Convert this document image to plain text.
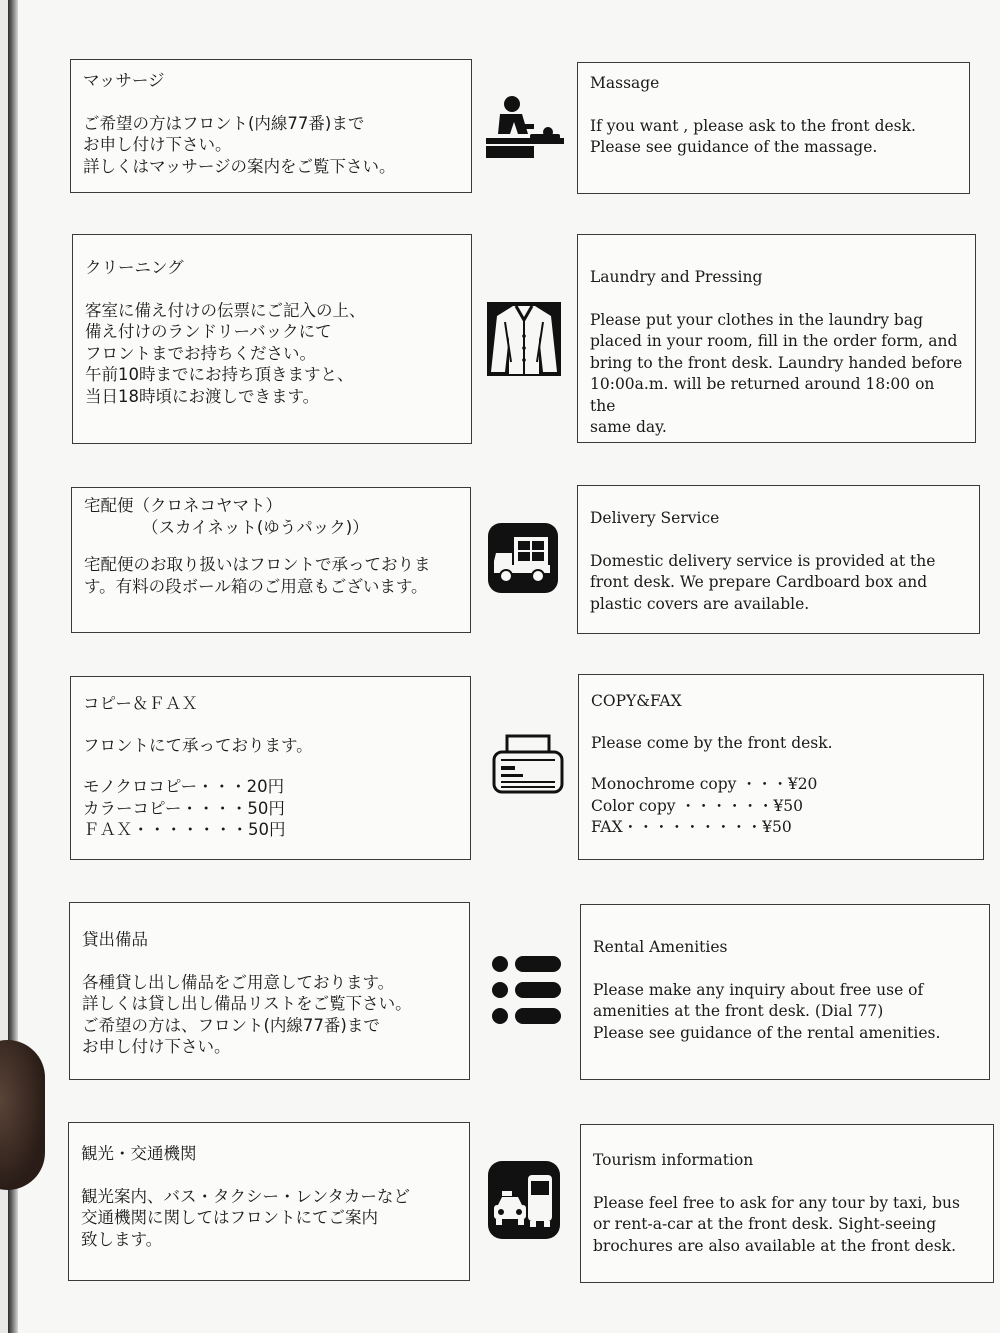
マッサージ
ご希望の方はフロント(内線77番)まで
お申し付け下さい。
詳しくはマッサージの案内をご覧下さい。
Massage
If you want , please ask to the front desk.
Please see guidance of the massage.
クリーニング
客室に備え付けの伝票にご記入の上、
備え付けのランドリーバックにて
フロントまでお持ちください。
午前10時までにお持ち頂きますと、
当日18時頃にお渡しできます。
Laundry and Pressing
Please put your clothes in the laundry bag
placed in your room, fill in the order form, and
bring to the front desk. Laundry handed before
10:00a.m. will be returned around 18:00 on the
same day.
宅配便（クロネコヤマト）
（スカイネット(ゆうパック)）
宅配便のお取り扱いはフロントで承っておりま
す。有料の段ボール箱のご用意もございます。
Delivery Service
Domestic delivery service is provided at the
front desk. We prepare Cardboard box and
plastic covers are available.
コピー＆ＦＡＸ
フロントにて承っております。
モノクロコピー・・・20円
カラーコピー・・・・50円
ＦＡＸ・・・・・・・50円
COPY&FAX
Please come by the front desk.
Monochrome copy ・・・¥20
Color copy ・・・・・・¥50
FAX・・・・・・・・・¥50
貸出備品
各種貸し出し備品をご用意しております。
詳しくは貸し出し備品リストをご覧下さい。
ご希望の方は、フロント(内線77番)まで
お申し付け下さい。
Rental Amenities
Please make any inquiry about free use of
amenities at the front desk. (Dial 77)
Please see guidance of the rental amenities.
観光・交通機関
観光案内、バス・タクシー・レンタカーなど
交通機関に関してはフロントにてご案内
致します。
Tourism information
Please feel free to ask for any tour by taxi, bus
or rent-a-car at the front desk. Sight-seeing
brochures are also available at the front desk.
